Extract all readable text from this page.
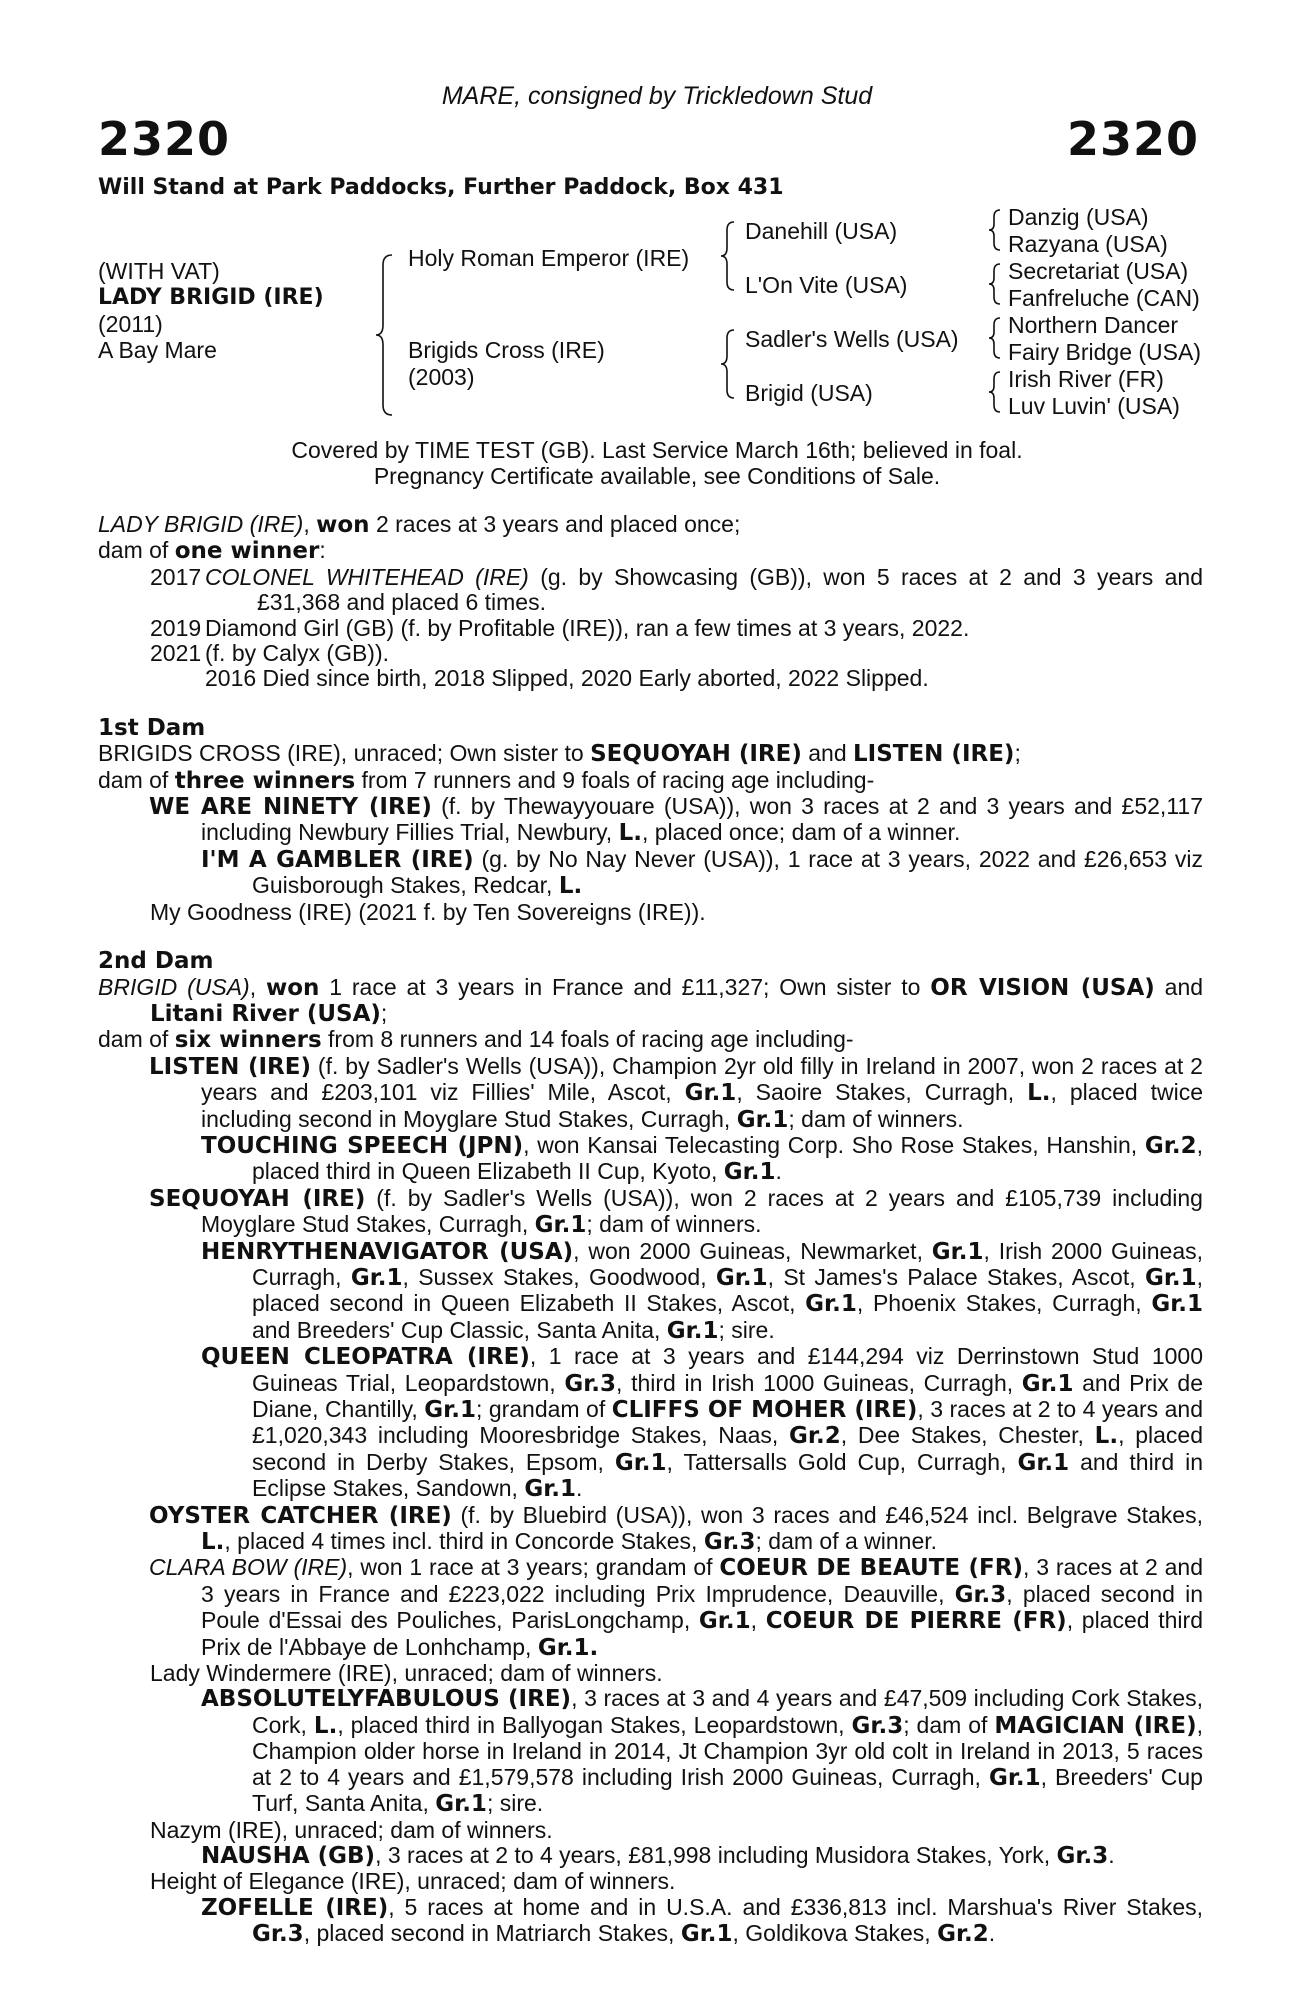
MARE, consigned by Trickledown Stud
2320	2320
Will Stand at Park Paddocks, Further Paddock, Box 431
(WITH VAT)
LADY BRIGID (IRE)
(2011)
A Bay Mare
Holy Roman Emperor (IRE)
Brigids Cross (IRE)
(2003)
Danehill (USA)
L'On Vite (USA)
Sadler's Wells (USA)
Brigid (USA)
Danzig (USA)
Razyana (USA)
Secretariat (USA)
Fanfreluche (CAN)
Northern Dancer
Fairy Bridge (USA)
Irish River (FR)
Luv Luvin' (USA)
Covered by TIME TEST (GB). Last Service March 16th; believed in foal.
Pregnancy Certificate available, see Conditions of Sale.

LADY BRIGID (IRE), won 2 races at 3 years and placed once;

dam of one winner:

2017 COLONEL WHITEHEAD (IRE) (g. by Showcasing (GB)), won 5 races at 2 and 3 years and £31,368 and placed 6 times.
2019 Diamond Girl (GB) (f. by Profitable (IRE)), ran a few times at 3 years, 2022.
2021 (f. by Calyx (GB)).
2016 Died since birth, 2018 Slipped, 2020 Early aborted, 2022 Slipped.

1st Dam

BRIGIDS CROSS (IRE), unraced; Own sister to SEQUOYAH (IRE) and LISTEN (IRE);

dam of three winners from 7 runners and 9 foals of racing age including-

WE ARE NINETY (IRE) (f. by Thewayyouare (USA)), won 3 races at 2 and 3 years and £52,117 including Newbury Fillies Trial, Newbury, L., placed once; dam of a winner.

I'M A GAMBLER (IRE) (g. by No Nay Never (USA)), 1 race at 3 years, 2022 and £26,653 viz Guisborough Stakes, Redcar, L.

My Goodness (IRE) (2021 f. by Ten Sovereigns (IRE)).

2nd Dam

BRIGID (USA), won 1 race at 3 years in France and £11,327; Own sister to OR VISION (USA) and Litani River (USA);

dam of six winners from 8 runners and 14 foals of racing age including-

LISTEN (IRE) (f. by Sadler's Wells (USA)), Champion 2yr old filly in Ireland in 2007, won 2 races at 2 years and £203,101 viz Fillies' Mile, Ascot, Gr.1, Saoire Stakes, Curragh, L., placed twice including second in Moyglare Stud Stakes, Curragh, Gr.1; dam of winners.

TOUCHING SPEECH (JPN), won Kansai Telecasting Corp. Sho Rose Stakes, Hanshin, Gr.2, placed third in Queen Elizabeth II Cup, Kyoto, Gr.1.

SEQUOYAH (IRE) (f. by Sadler's Wells (USA)), won 2 races at 2 years and £105,739 including Moyglare Stud Stakes, Curragh, Gr.1; dam of winners.

HENRYTHENAVIGATOR (USA), won 2000 Guineas, Newmarket, Gr.1, Irish 2000 Guineas, Curragh, Gr.1, Sussex Stakes, Goodwood, Gr.1, St James's Palace Stakes, Ascot, Gr.1, placed second in Queen Elizabeth II Stakes, Ascot, Gr.1, Phoenix Stakes, Curragh, Gr.1 and Breeders' Cup Classic, Santa Anita, Gr.1; sire.

QUEEN CLEOPATRA (IRE), 1 race at 3 years and £144,294 viz Derrinstown Stud 1000 Guineas Trial, Leopardstown, Gr.3, third in Irish 1000 Guineas, Curragh, Gr.1 and Prix de Diane, Chantilly, Gr.1; grandam of CLIFFS OF MOHER (IRE), 3 races at 2 to 4 years and £1,020,343 including Mooresbridge Stakes, Naas, Gr.2, Dee Stakes, Chester, L., placed second in Derby Stakes, Epsom, Gr.1, Tattersalls Gold Cup, Curragh, Gr.1 and third in Eclipse Stakes, Sandown, Gr.1.

OYSTER CATCHER (IRE) (f. by Bluebird (USA)), won 3 races and £46,524 incl. Belgrave Stakes, L., placed 4 times incl. third in Concorde Stakes, Gr.3; dam of a winner.

CLARA BOW (IRE), won 1 race at 3 years; grandam of COEUR DE BEAUTE (FR), 3 races at 2 and 3 years in France and £223,022 including Prix Imprudence, Deauville, Gr.3, placed second in Poule d'Essai des Pouliches, ParisLongchamp, Gr.1, COEUR DE PIERRE (FR), placed third Prix de l'Abbaye de Lonhchamp, Gr.1.

Lady Windermere (IRE), unraced; dam of winners.

ABSOLUTELYFABULOUS (IRE), 3 races at 3 and 4 years and £47,509 including Cork Stakes, Cork, L., placed third in Ballyogan Stakes, Leopardstown, Gr.3; dam of MAGICIAN (IRE), Champion older horse in Ireland in 2014, Jt Champion 3yr old colt in Ireland in 2013, 5 races at 2 to 4 years and £1,579,578 including Irish 2000 Guineas, Curragh, Gr.1, Breeders' Cup Turf, Santa Anita, Gr.1; sire.

Nazym (IRE), unraced; dam of winners.

NAUSHA (GB), 3 races at 2 to 4 years, £81,998 including Musidora Stakes, York, Gr.3.

Height of Elegance (IRE), unraced; dam of winners.

ZOFELLE (IRE), 5 races at home and in U.S.A. and £336,813 incl. Marshua's River Stakes, Gr.3, placed second in Matriarch Stakes, Gr.1, Goldikova Stakes, Gr.2.
